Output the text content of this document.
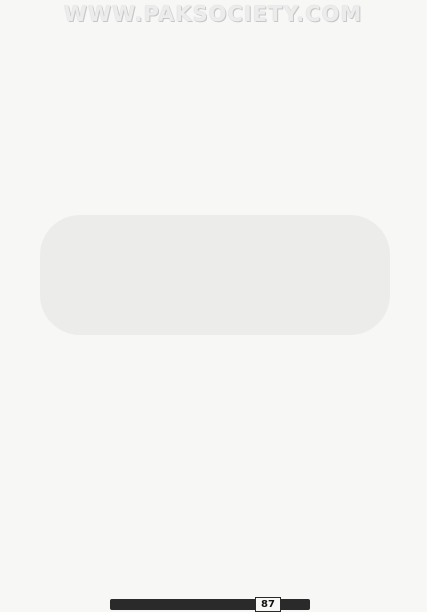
WWW.PAKSOCIETY.COM
87
